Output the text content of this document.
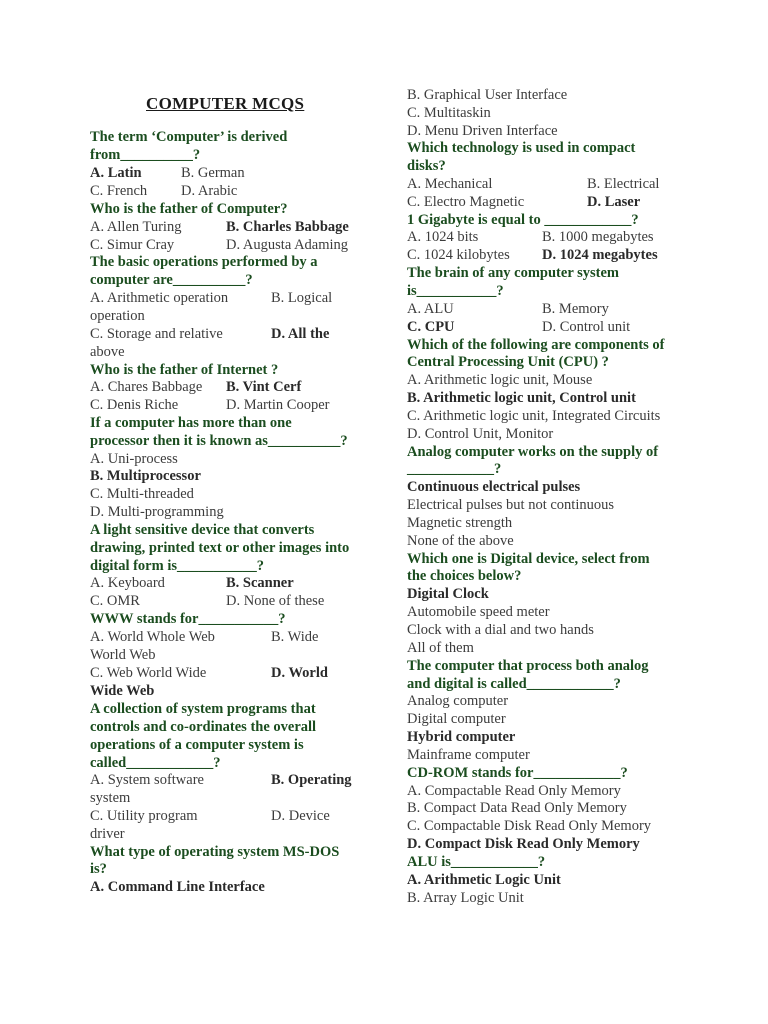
COMPUTER MCQS
The term ‘Computer’ is derived
from__________?
A. Latin	B. German
C. French D. Arabic
Who is the father of Computer?
A. Allen Turing	B. Charles Babbage
C. Simur Cray	D. Augusta Adaming
The basic operations performed by a
computer are__________?
A. Arithmetic operation	B. Logical
operation
C. Storage and relative	D. All the
above
Who is the father of Internet ?
A. Chares Babbage B. Vint Cerf
C. Denis Riche	D. Martin Cooper
If a computer has more than one
processor then it is known as__________?
A. Uni-process
B. Multiprocessor
C. Multi-threaded
D. Multi-programming
A light sensitive device that converts
drawing, printed text or other images into
digital form is___________?
A. Keyboard	B. Scanner
C. OMR	D. None of these
WWW stands for___________?
A. World Whole Web	B. Wide
World Web
C. Web World Wide	D. World
Wide Web
A collection of system programs that
controls and co-ordinates the overall
operations of a computer system is
called____________?
A. System software	B. Operating
system
C. Utility program	D. Device
driver
What type of operating system MS-DOS
is?
A. Command Line Interface
B. Graphical User Interface
C. Multitaskin
D. Menu Driven Interface
Which technology is used in compact
disks?
A. Mechanical	B. Electrical
C. Electro Magnetic	D. Laser
1 Gigabyte is equal to ____________?
A. 1024 bits	B. 1000 megabytes
C. 1024 kilobytes D. 1024 megabytes
The brain of any computer system
is___________?
A. ALU	B. Memory
C. CPU	D. Control unit
Which of the following are components of
Central Processing Unit (CPU) ?
A. Arithmetic logic unit, Mouse
B. Arithmetic logic unit, Control unit
C. Arithmetic logic unit, Integrated Circuits
D. Control Unit, Monitor
Analog computer works on the supply of
____________?
Continuous electrical pulses
Electrical pulses but not continuous
Magnetic strength
None of the above
Which one is Digital device, select from
the choices below?
Digital Clock
Automobile speed meter
Clock with a dial and two hands
All of them
The computer that process both analog
and digital is called____________?
Analog computer
Digital computer
Hybrid computer
Mainframe computer
CD-ROM stands for____________?
A. Compactable Read Only Memory
B. Compact Data Read Only Memory
C. Compactable Disk Read Only Memory
D. Compact Disk Read Only Memory
ALU is____________?
A. Arithmetic Logic Unit
B. Array Logic Unit
